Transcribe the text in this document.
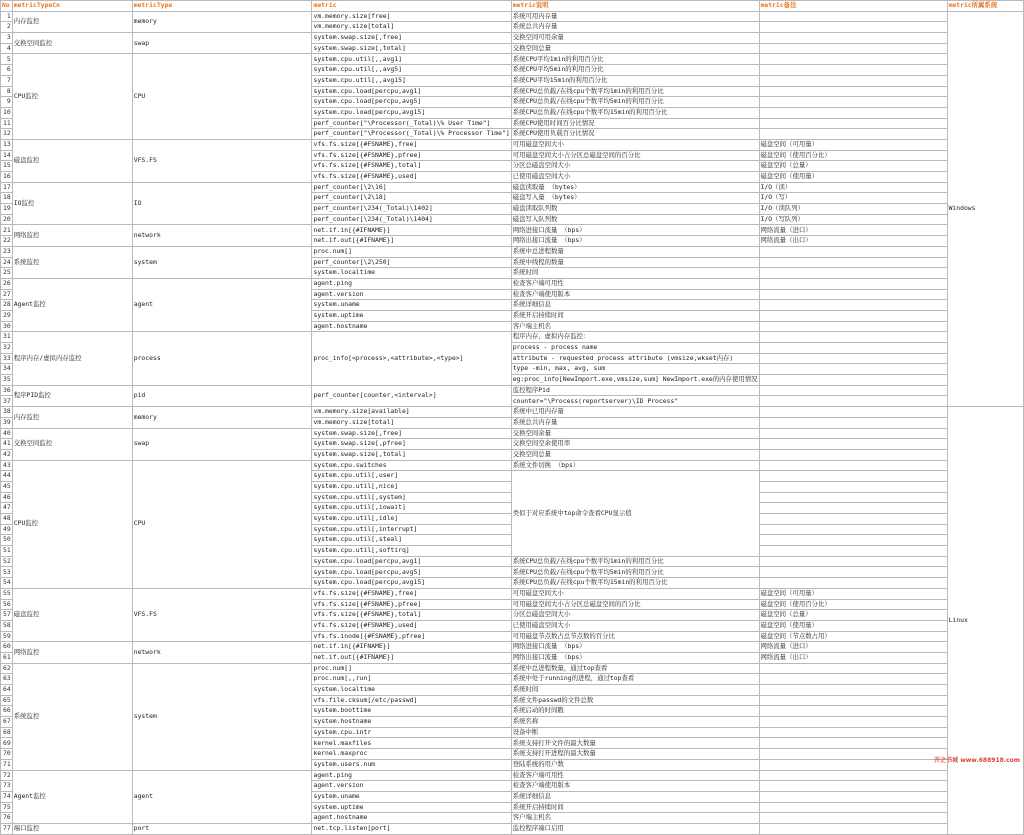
No	metricTypeCn	metricType	metric	metric说明	metric备注	metric所属系统
1	内存监控	memory	vm.memory.size[free]	系统可用内存量		Windows
2			vm.memory.size[total]	系统总共内存量		
3	交换空间监控	swap	system.swap.size[,free]	交换空间可用余量		
4			system.swap.size[,total]	交换空间总量		
5	CPU监控	CPU	system.cpu.util[,,avg1]	系统CPU平均1min的利用百分比		
6			system.cpu.util[,,avg5]	系统CPU平均5min的利用百分比		
7			system.cpu.util[,,avg15]	系统CPU平均15min的利用百分比		
8			system.cpu.load[percpu,avg1]	系统CPU总负载/在线cpu个数平均1min的利用百分比		
9			system.cpu.load[percpu,avg5]	系统CPU总负载/在线cpu个数平均5min的利用百分比		
10			system.cpu.load[percpu,avg15]	系统CPU总负载/在线cpu个数平均15min的利用百分比		
11			perf_counter["\Processor(_Total)\% User Time"]	系统CPU使用时间百分比情况		
12			perf_counter["\Processor(_Total)\% Processor Time"]	系统CPU使用负载百分比情况		
13	磁盘监控	VFS.FS	vfs.fs.size[{#FSNAME},free]	可用磁盘空间大小	磁盘空间（可用量）	
14			vfs.fs.size[{#FSNAME},pfree]	可用磁盘空间大小占分区总磁盘空间的百分比	磁盘空间（使用百分比）	
15			vfs.fs.size[{#FSNAME},total]	分区总磁盘空间大小	磁盘空间（总量）	
16			vfs.fs.size[{#FSNAME},used]	已使用磁盘空间大小	磁盘空间（使用量）	
17	IO监控	IO	perf_counter[\2\16]	磁盘读取量 （bytes）	I/O（读）	
18			perf_counter[\2\18]	磁盘写入量 （bytes）	I/O（写）	
19			perf_counter[\234(_Total)\1402]	磁盘读取队列数	I/O（读队列）	
20			perf_counter[\234(_Total)\1404]	磁盘写入队列数	I/O（写队列）	
21	网络监控	network	net.if.in[{#IFNAME}]	网络进接口流量 （bps）	网络流量（进口）	
22			net.if.out[{#IFNAME}]	网络出接口流量 （bps）	网络流量（出口）	
23	系统监控	system	proc.num[]	系统中总进程数量		
24			perf_counter[\2\250]	系统中线程的数量		
25			system.localtime	系统时间		
26	Agent监控	agent	agent.ping	检查客户端可用性		
27			agent.version	检查客户端使用版本		
28			system.uname	系统详细信息		
29			system.uptime	系统开启持续时间		
30			agent.hostname	客户端主机名		
31	程序内存/虚拟内存监控	process	proc_info[<process>,<attribute>,<type>]	程序内存，虚拟内存监控：		
32				process - process name		
33				attribute - requested process attribute (vmsize,wkset内存)		
34				type -min, max, avg, sum		
35				eg:proc_info[NewImport.exe,vmsize,sum] NewImport.exe的内存使用情况		
36	程序PID监控	pid	perf_counter[counter,<interval>]	监控程序Pid		
37				counter="\Process(reportserver)\ID Process"		
38	内存监控	memory	vm.memory.size[available]	系统中已用内存量		Linux
39			vm.memory.size[total]	系统总共内存量		
40	交换空间监控	swap	system.swap.size[,free]	交换空间余量		
41			system.swap.size[,pfree]	交换空间空余使用率		
42			system.swap.size[,total]	交换空间总量		
43	CPU监控	CPU	system.cpu.switches	系统文件切换 （bps）		
44			system.cpu.util[,user]	类似于对应系统中top命令查看CPU显示值		
45			system.cpu.util[,nice]			
46			system.cpu.util[,system]			
47			system.cpu.util[,iowait]			
48			system.cpu.util[,idle]			
49			system.cpu.util[,interrupt]			
50			system.cpu.util[,steal]			
51			system.cpu.util[,softirq]			
52			system.cpu.load[percpu,avg1]	系统CPU总负载/在线cpu个数平均1min的利用百分比		
53			system.cpu.load[percpu,avg5]	系统CPU总负载/在线cpu个数平均5min的利用百分比		
54			system.cpu.load[percpu,avg15]	系统CPU总负载/在线cpu个数平均15min的利用百分比		
55	磁盘监控	VFS.FS	vfs.fs.size[{#FSNAME},free]	可用磁盘空间大小	磁盘空间（可用量）	
56			vfs.fs.size[{#FSNAME},pfree]	可用磁盘空间大小占分区总磁盘空间的百分比	磁盘空间（使用百分比）	
57			vfs.fs.size[{#FSNAME},total]	分区总磁盘空间大小	磁盘空间（总量）	
58			vfs.fs.size[{#FSNAME},used]	已使用磁盘空间大小	磁盘空间（使用量）	
59			vfs.fs.inode[{#FSNAME},pfree]	可用磁盘节点数占总节点数的百分比	磁盘空间（节点数占用）	
60	网络监控	network	net.if.in[{#IFNAME}]	网络进接口流量 （bps）	网络流量（进口）	
61			net.if.out[{#IFNAME}]	网络出接口流量 （bps）	网络流量（出口）	
62	系统监控	system	proc.num[]	系统中总进程数量，通过top查看		
63			proc.num[,,run]	系统中处于running的进程，通过top查看		
64			system.localtime	系统时间		
65			vfs.file.cksum[/etc/passwd]	系统文件passwd的文件总数		
66			system.boottime	系统启动的时间戳		
67			system.hostname	系统名称		
68			system.cpu.intr	设备中断		
69			kernel.maxfiles	系统支持打开文件的最大数量		
70			kernel.maxproc	系统支持打开进程的最大数量		
71			system.users.num	登陆系统的用户数		
72	Agent监控	agent	agent.ping	检查客户端可用性		
73			agent.version	检查客户端使用版本		
74			system.uname	系统详细信息		
75			system.uptime	系统开启持续时间		
76			agent.hostname	客户端主机名		
77	端口监控	port	net.tcp.listen[port]	监控程序端口启用		
开之书城 www.688918.com
